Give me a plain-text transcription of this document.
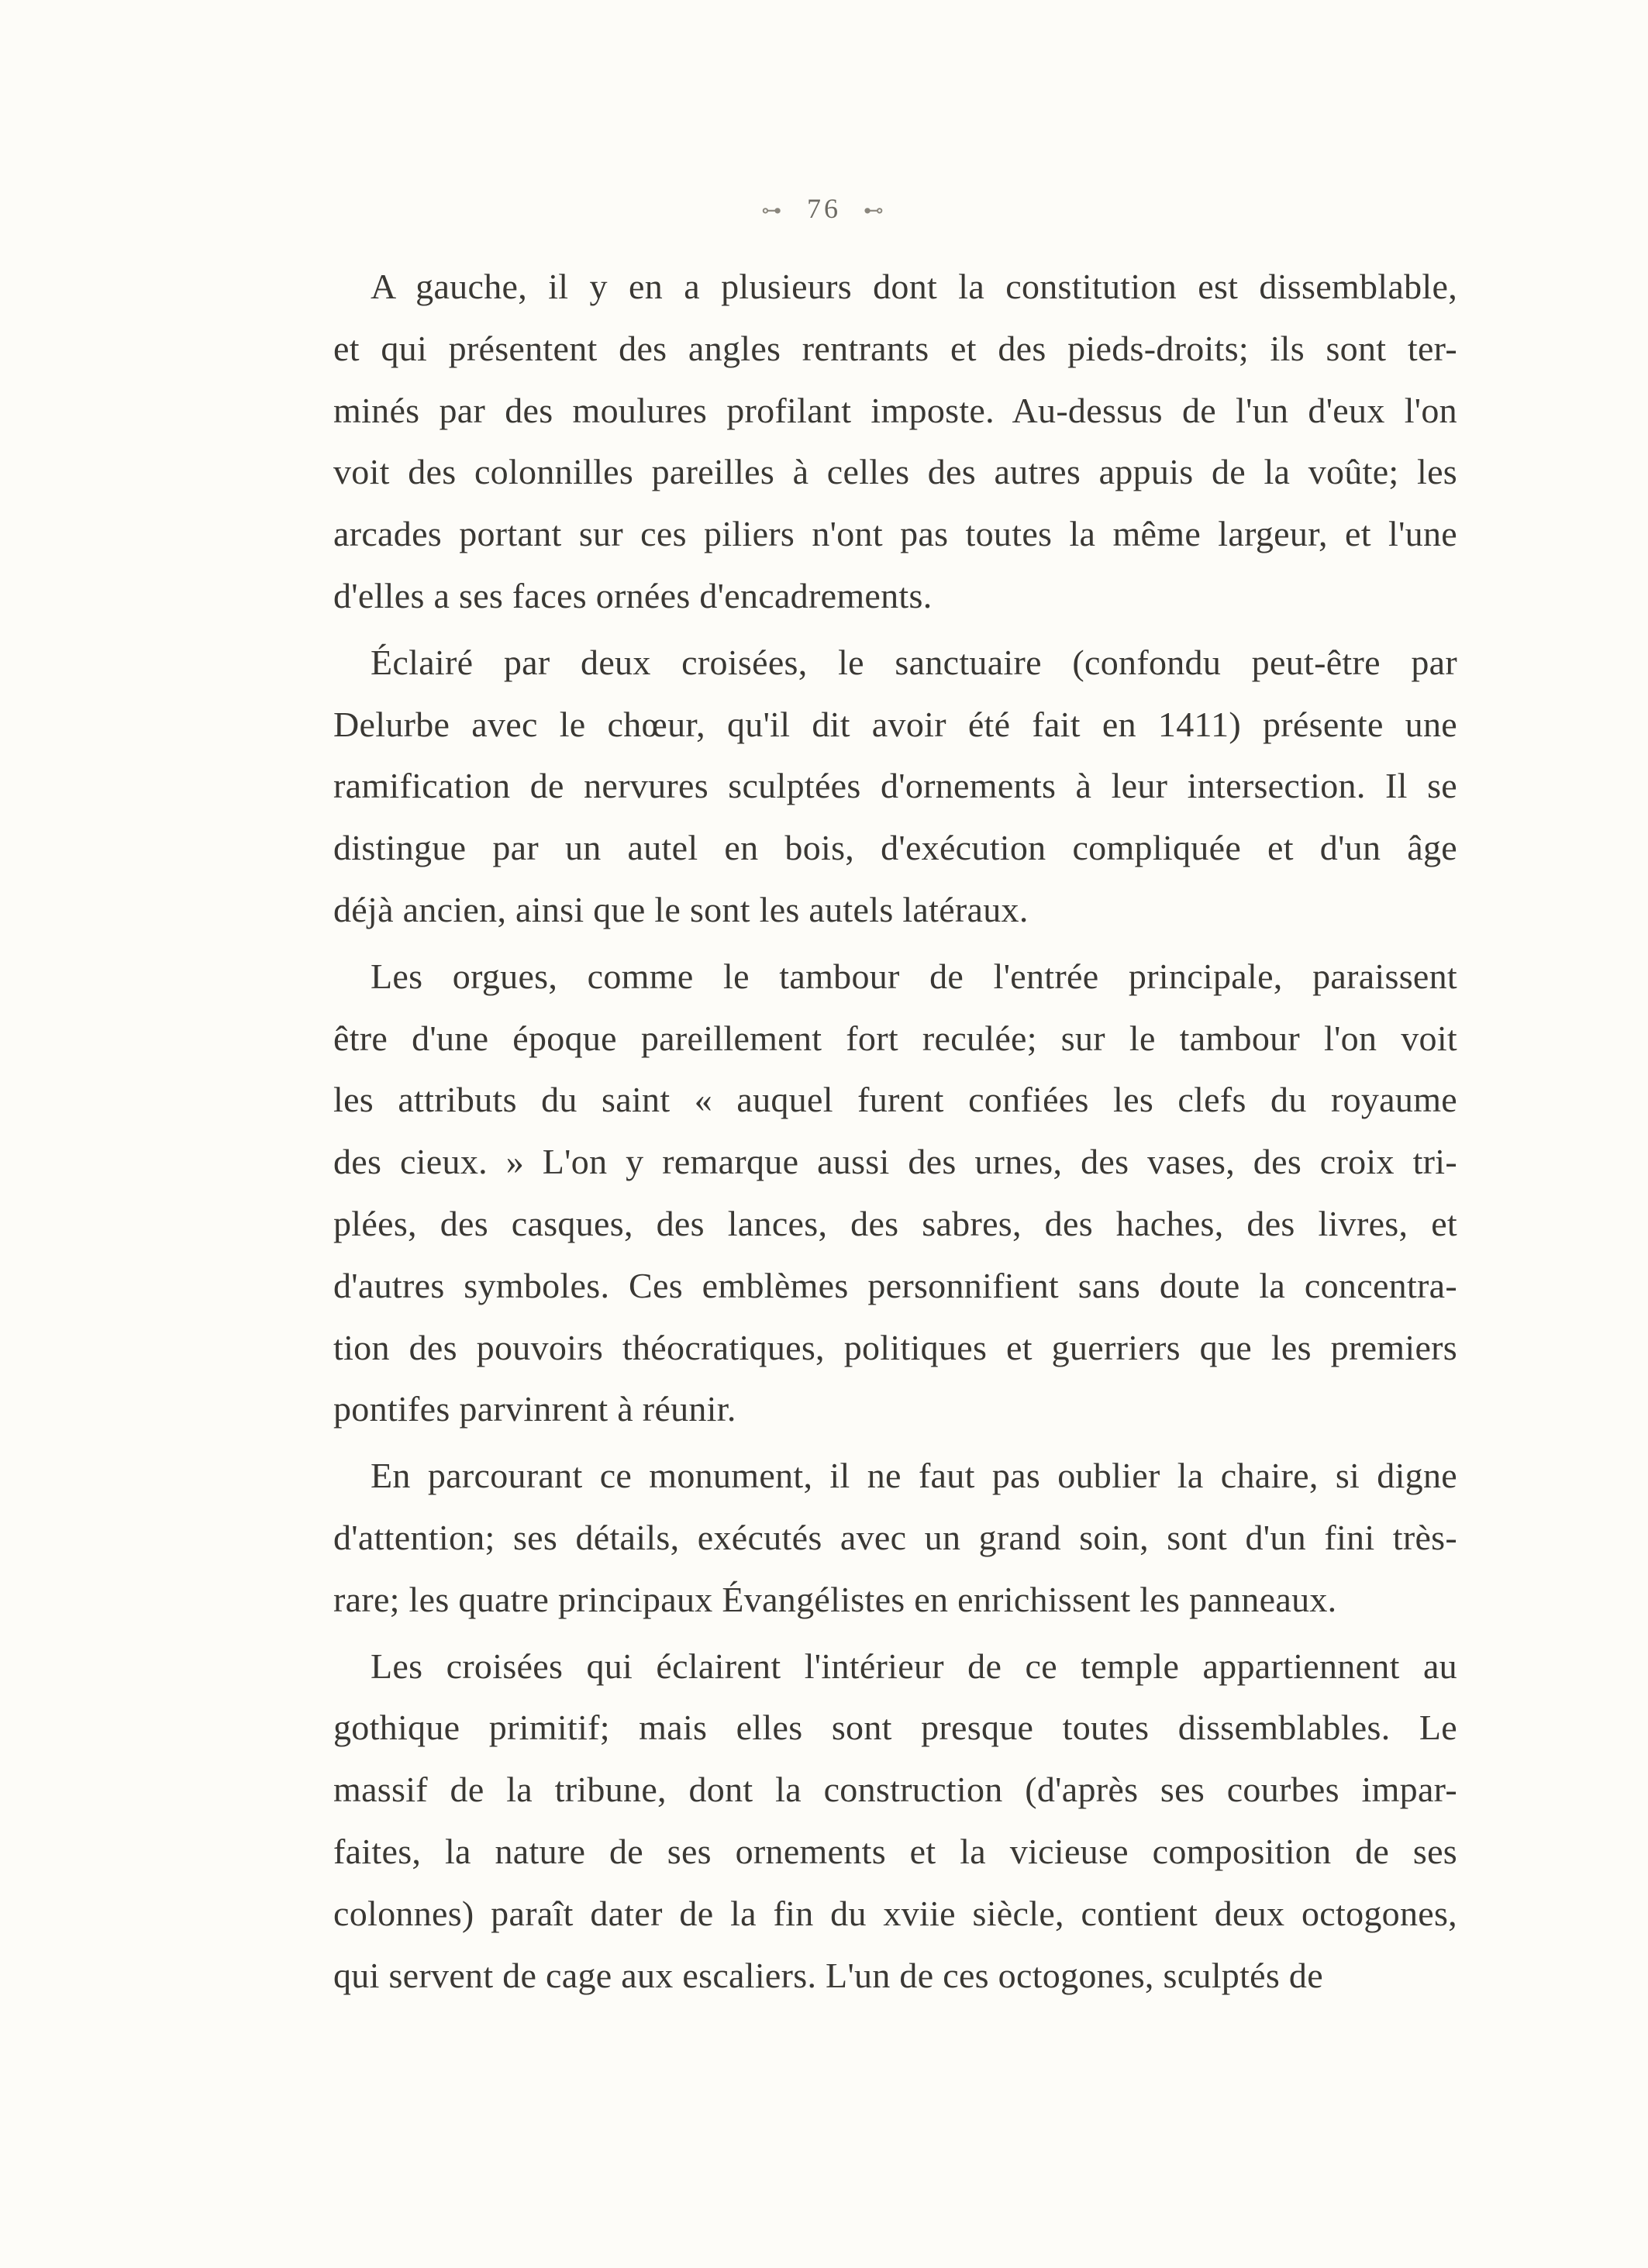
⊶ 76 ⊷
A gauche, il y en a plusieurs dont la constitution est dissemblable,
et qui présentent des angles rentrants et des pieds-droits; ils sont ter-
minés par des moulures profilant imposte. Au-dessus de l'un d'eux l'on
voit des colonnilles pareilles à celles des autres appuis de la voûte; les
arcades portant sur ces piliers n'ont pas toutes la même largeur, et l'une
d'elles a ses faces ornées d'encadrements.
Éclairé par deux croisées, le sanctuaire (confondu peut-être par
Delurbe avec le chœur, qu'il dit avoir été fait en 1411) présente une
ramification de nervures sculptées d'ornements à leur intersection. Il se
distingue par un autel en bois, d'exécution compliquée et d'un âge
déjà ancien, ainsi que le sont les autels latéraux.
Les orgues, comme le tambour de l'entrée principale, paraissent
être d'une époque pareillement fort reculée; sur le tambour l'on voit
les attributs du saint « auquel furent confiées les clefs du royaume
des cieux. » L'on y remarque aussi des urnes, des vases, des croix tri-
plées, des casques, des lances, des sabres, des haches, des livres, et
d'autres symboles. Ces emblèmes personnifient sans doute la concentra-
tion des pouvoirs théocratiques, politiques et guerriers que les premiers
pontifes parvinrent à réunir.
En parcourant ce monument, il ne faut pas oublier la chaire, si digne
d'attention; ses détails, exécutés avec un grand soin, sont d'un fini très-
rare; les quatre principaux Évangélistes en enrichissent les panneaux.
Les croisées qui éclairent l'intérieur de ce temple appartiennent au
gothique primitif; mais elles sont presque toutes dissemblables. Le
massif de la tribune, dont la construction (d'après ses courbes impar-
faites, la nature de ses ornements et la vicieuse composition de ses
colonnes) paraît dater de la fin du xviie siècle, contient deux octogones,
qui servent de cage aux escaliers. L'un de ces octogones, sculptés de
